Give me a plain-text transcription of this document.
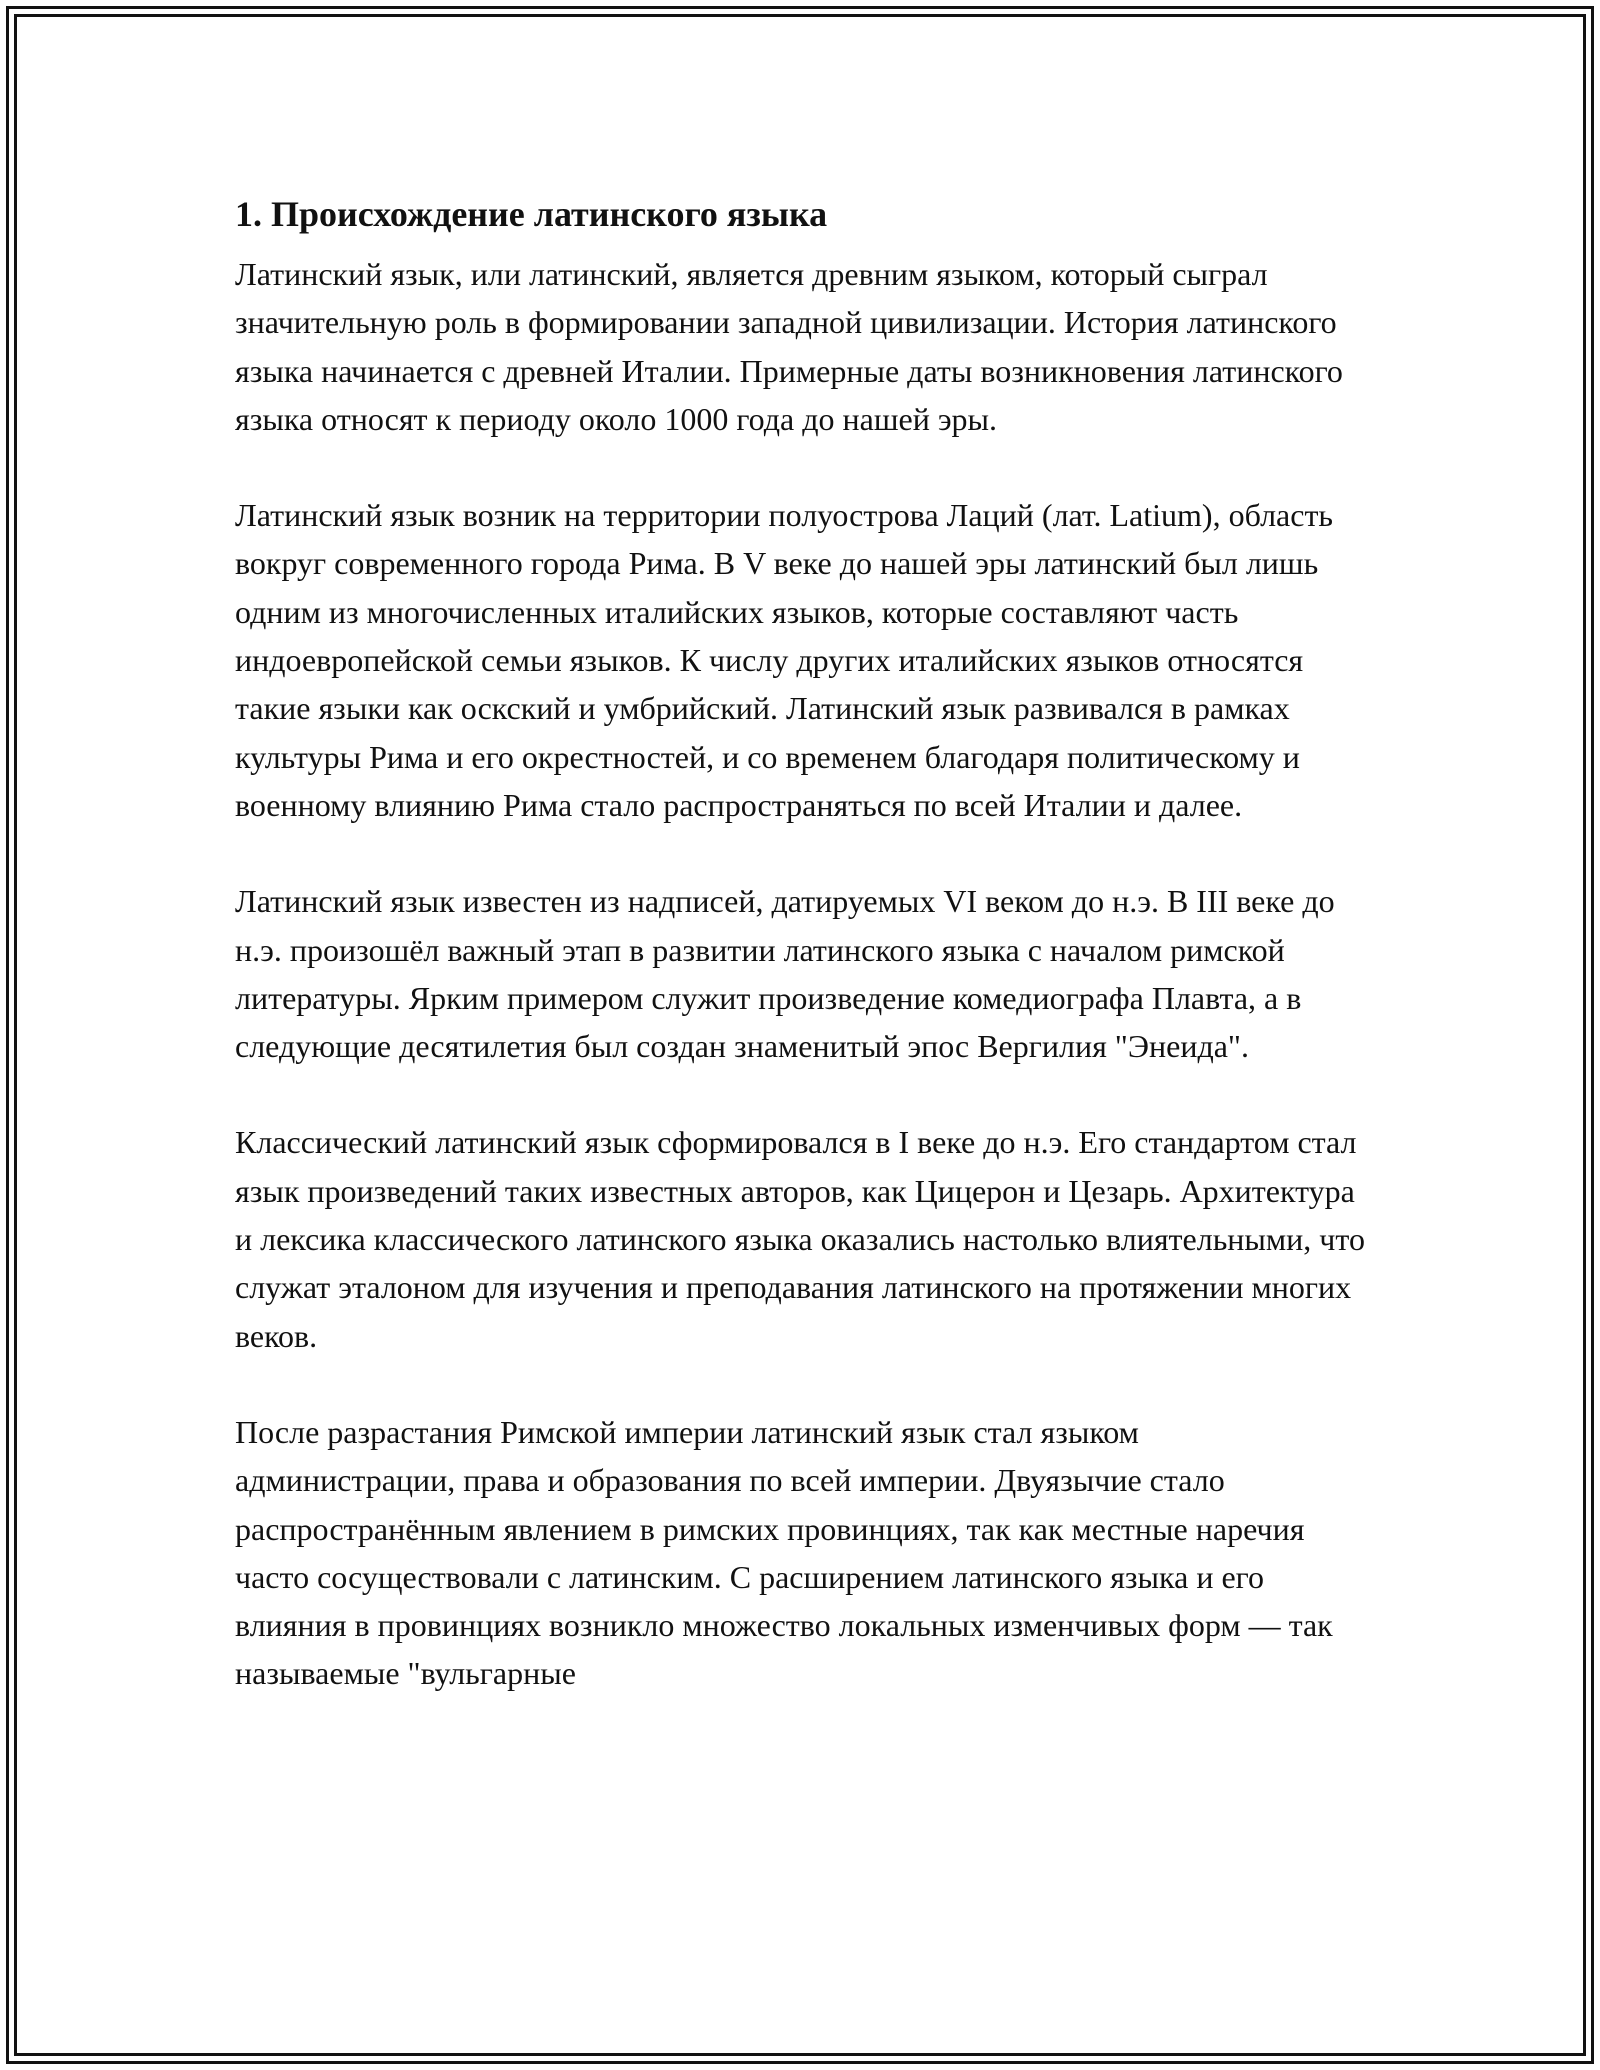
1. Происхождение латинского языка

Латинский язык, или латинский, является древним языком, который сыграл значительную роль в формировании западной цивилизации. История латинского языка начинается с древней Италии. Примерные даты возникновения латинского языка относят к периоду около 1000 года до нашей эры.

Латинский язык возник на территории полуострова Лаций (лат. Latium), область вокруг современного города Рима. В V веке до нашей эры латинский был лишь одним из многочисленных италийских языков, которые составляют часть индоевропейской семьи языков. К числу других италийских языков относятся такие языки как оскский и умбрийский. Латинский язык развивался в рамках культуры Рима и его окрестностей, и со временем благодаря политическому и военному влиянию Рима стало распространяться по всей Италии и далее.

Латинский язык известен из надписей, датируемых VI веком до н.э. В III веке до н.э. произошёл важный этап в развитии латинского языка с началом римской литературы. Ярким примером служит произведение комедиографа Плавта, а в следующие десятилетия был создан знаменитый эпос Вергилия "Энеида".

Классический латинский язык сформировался в I веке до н.э. Его стандартом стал язык произведений таких известных авторов, как Цицерон и Цезарь. Архитектура и лексика классического латинского языка оказались настолько влиятельными, что служат эталоном для изучения и преподавания латинского на протяжении многих веков.

После разрастания Римской империи латинский язык стал языком администрации, права и образования по всей империи. Двуязычие стало распространённым явлением в римских провинциях, так как местные наречия часто сосуществовали с латинским. С расширением латинского языка и его влияния в провинциях возникло множество локальных изменчивых форм — так называемые "вульгарные
